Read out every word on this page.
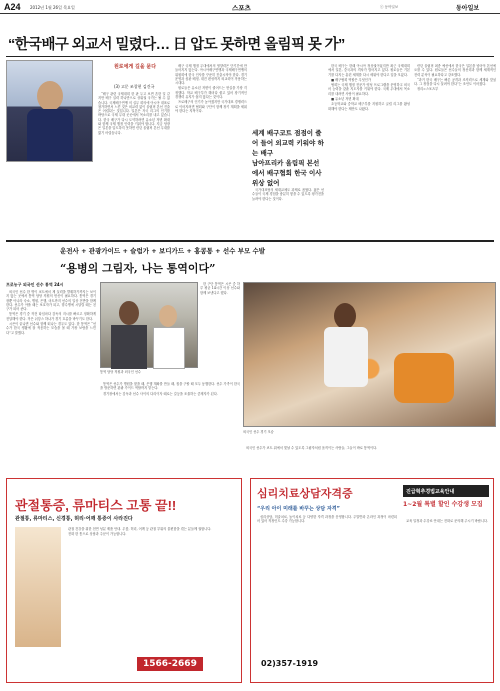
A24 2012년 1월 26일 목요일	스포츠	ⓒ 동아일보	동아일보
“한국배구 외교서 밀렸다… 日 압도 못하면 올림픽 못 가”
원로에게 길을 묻다
(3) 고문 조창현 김건국

“배구 관련 국제대회 한 판 두고 보면 흔한 일 같지만 배구 실력 하나만으로 상위권 국가는 될 수 없습니다. 국제배구연맹 의 실무 회의에 아시아 대표로 참가하면서 느낀 것은 외교력 없이 올림픽 본선 진출은 어렵다는 것입니다. 일본은 자국 리그의 인기를 바탕으로 국제 무대 곳곳에서 목소리를 내고 있습니다. 한국 배구가 다시 도약하려면 유소년 저변 확대와 함께 국제 행정 인력을 키워야 합니다. 지금 당장은 일본을 압도하지 못하면 런던 올림픽 본선 무대를 밟기 어렵습니다.

배구 국제 행정 무대에서의 영향력은 단기간에 만들어지지 않는다. 아시아배구연맹과 국제배구연맹의 위원회에 한국 인사를 꾸준히 진출시켜야 한다. 경기 운영과 심판 배정, 대진 편성까지 외교력이 작용하는 시대다.

원로들은 유소년 저변이 줄어드는 현실을 가장 걱정했다. 학교 배구부가 해마다 줄고 있어 장기적인 경쟁력 유지가 쉽지 않다는 것이다.

프로배구의 인기가 높아졌지만 국가대표 경쟁력으로 이어지려면 협회와 구단이 함께 장기 계획을 세워야 한다는 지적이다.

세계 배구코트 점점이 줄어 들어 외교력 키워야 하는 배구
남아프리카 올림픽 본선에서 배구협회 한국 이사 위상 없어

국가대표팀의 세대교체도 과제로 꼽혔다. 젊은 선수들이 국제 경험을 충분히 쌓을 수 있도록 평가전을 늘려야 한다는 것이다.

한국 배구는 한때 아시아 정상권이었지만 최근 국제대회에서 일본, 중국과의 격차가 벌어지고 있다. 원로들은 기본기를 다지는 훈련 체계를 다시 세워야 한다고 입을 모았다.

■ 배구협회 역할은 무엇인가

협회는 국제 행정 전문가 양성 프로그램을 운영하고 외국어 능력을 갖춘 지도자를 키워야 한다. 국제 무대에서 목소리를 내려면 사람이 필요하다.

■ 유소년 저변 확대

초등학교와 중학교 배구부를 지원하고 클럽 리그를 활성화해야 한다는 제안도 나왔다.

런던 올림픽 최종 예선에서 한국은 일본을 넘어야 본선에 오를 수 있다. 원로들은 선수들의 정신력과 함께 체계적인 전력 분석이 필요하다고 강조했다.

“과거 한국 배구는 빠른 공격과 조직력으로 세계와 맞섰다. 그 장점을 다시 살려야 한다”는 조언도 이어졌다.

정리=스포츠부

운전사 + 관광가이드 + 슬럼가 + 보디가드 + 홍콩통 + 선수 부모 수발
“용병의 그림자, 나는 통역이다”
프로농구 외국인 선수 통역 24시

외국인 선수 한 명이 코트에서 제 실력을 발휘하기까지는 보이지 않는 곳에서 통역 담당 직원의 헌신이 필요하다. 통역은 경기장뿐 아니라 숙소, 병원, 은행, 마트까지 선수의 일상 전반을 함께한다. 선수가 아플 때는 보호자가 되고, 향수병에 시달릴 때는 친구가 되어 준다.

통역은 경기 중 작전 타임마다 감독의 지시를 빠르고 정확하게 전달해야 한다. 작은 뉘앙스 하나가 경기 흐름을 바꾸기도 한다.

시즌이 끝나면 선수와 함께 떠나는 경우도 있다. 한 통역은 “선수가 한국 생활에 잘 적응하는 모습을 볼 때 가장 보람을 느낀다”고 말했다.

통역 담당 직원과 외국인 선수

통역은 선수가 병원을 찾을 때, 은행 계좌를 만들 때, 집을 구할 때 모두 동행한다. 선수 가족이 한국을 방문하면 관광 가이드 역할까지 맡는다.

경기장에서는 감독과 선수 사이의 다리이자 때로는 갈등을 조율하는 중재자가 된다.

한 구단 통역은 시즌 중 하루 평균 14시간 이상 선수와 함께 보낸다고 했다.

외국인 선수 경기 모습

외국인 선수가 코트 위에서 빛날 수 있도록 그림자처럼 움직이는 사람들, 그들이 바로 통역이다.

관절통증, 류마티스 고통 끝!!
관절통, 류마티스, 신경통, 허리·어깨 통증이 사라진다

관절 건강을 위한 천연 성분 제품 안내. 무릎, 허리, 어깨 등 관절 부위의 불편함을 겪는 분들께 권합니다.

전화 한 통으로 상담과 주문이 가능합니다.

1566-2669
심리치료상담자격증	진급혁추경법교육안내
“우리 아이 미래를 바꾸는 상담 자격”

심리상담, 미술치료, 놀이치료 등 다양한 자격 과정을 운영합니다. 주말반과 온라인 과정이 마련되어 있어 직장인도 수강 가능합니다.

1~2월 특별 할인 수강생 모집

교육 일정과 수강료 안내는 전화로 문의해 주시기 바랍니다.

02)357-1919
